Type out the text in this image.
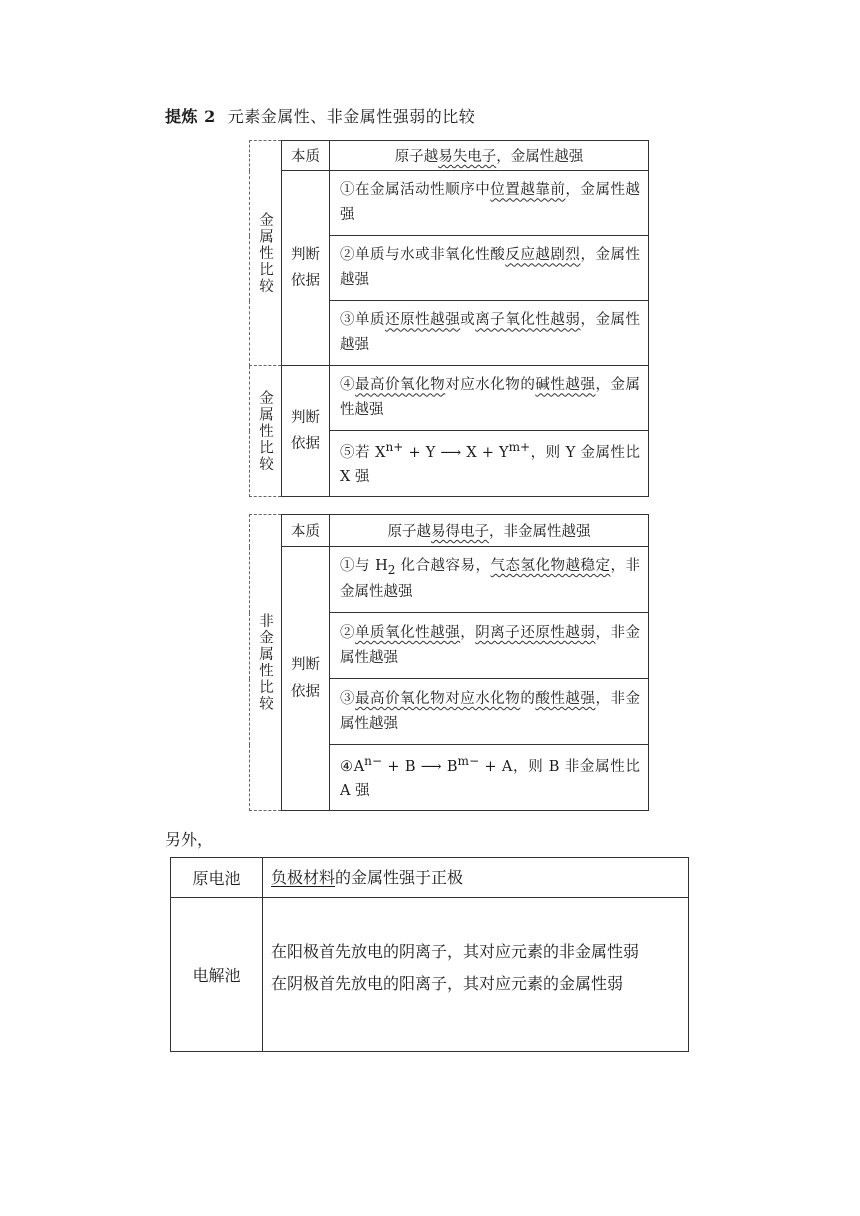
提炼 2 元素金属性、非金属性强弱的比较
金属性比较	本质	原子越易失电子，金属性越强
	判断依据	①在金属活动性顺序中位置越靠前，金属性越强
		②单质与水或非氧化性酸反应越剧烈，金属性越强
		③单质还原性越强或离子氧化性越弱，金属性越强

金属性比较	判断依据	④最高价氧化物对应水化物的碱性越强，金属性越强
		⑤若 $X^{n+} + Y$ ⟶ $X + Y^{m+}$，则 Y 金属性比 X 强
非金属性比较	本质	原子越易得电子，非金属性越强
	判断依据	①与 $H_2$ 化合越容易，气态氢化物越稳定，非金属性越强
		②单质氧化性越强，阴离子还原性越弱，非金属性越强
		③最高价氧化物对应水化物的酸性越强，非金属性越强
		$④A^{n-} + B$ ⟶ $B^{m-} + A$，则 B 非金属性比 A 强
另外，
原电池	负极材料的金属性强于正极
电解池	在阳极首先放电的阴离子，其对应元素的非金属性弱
在阴极首先放电的阳离子，其对应元素的金属性弱
